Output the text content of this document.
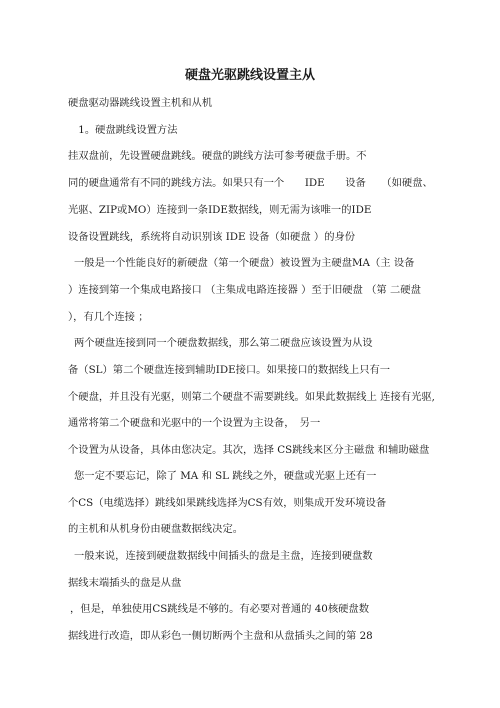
硬盘光驱跳线设置主从
硬盘驱动器跳线设置主机和从机
　1。硬盘跳线设置方法
挂双盘前，先设置硬盘跳线。硬盘的跳线方法可参考硬盘手册。不
同的硬盘通常有不同的跳线方法。如果只有一个　　IDE　　设备　　（如硬盘、
光驱、ZIP或MO）连接到一条IDE数据线，则无需为该唯一的IDE
设备设置跳线，系统将自动识别该 IDE 设备（如硬盘 ）的身份
一般是一个性能良好的新硬盘（第一个硬盘）被设置为主硬盘MA（主 设备
）连接到第一个集成电路接口 （主集成电路连接器 ）至于旧硬盘 （第 二硬盘
），有几个连接 ；
两个硬盘连接到同一个硬盘数据线，那么第二硬盘应该设置为从设
备（SL）第二个硬盘连接到辅助IDE接口。如果接口的数据线上只有一
个硬盘，并且没有光驱，则第二个硬盘不需要跳线。如果此数据线上 连接有光驱,
通常将第二个硬盘和光驱中的一个设置为主设备，　另一
个设置为从设备，具体由您决定。其次，选择 CS跳线来区分主磁盘 和辅助磁盘
您一定不要忘记，除了 MA 和 SL 跳线之外，硬盘或光驱上还有一
个CS（电缆选择）跳线如果跳线选择为CS有效，则集成开发环境设备
的主机和从机身份由硬盘数据线决定。
一般来说，连接到硬盘数据线中间插头的盘是主盘，连接到硬盘数
据线末端插头的盘是从盘
，但是，单独使用CS跳线是不够的。有必要对普通的 40核硬盘数
据线进行改造，即从彩色一侧切断两个主盘和从盘插头之间的第 28
